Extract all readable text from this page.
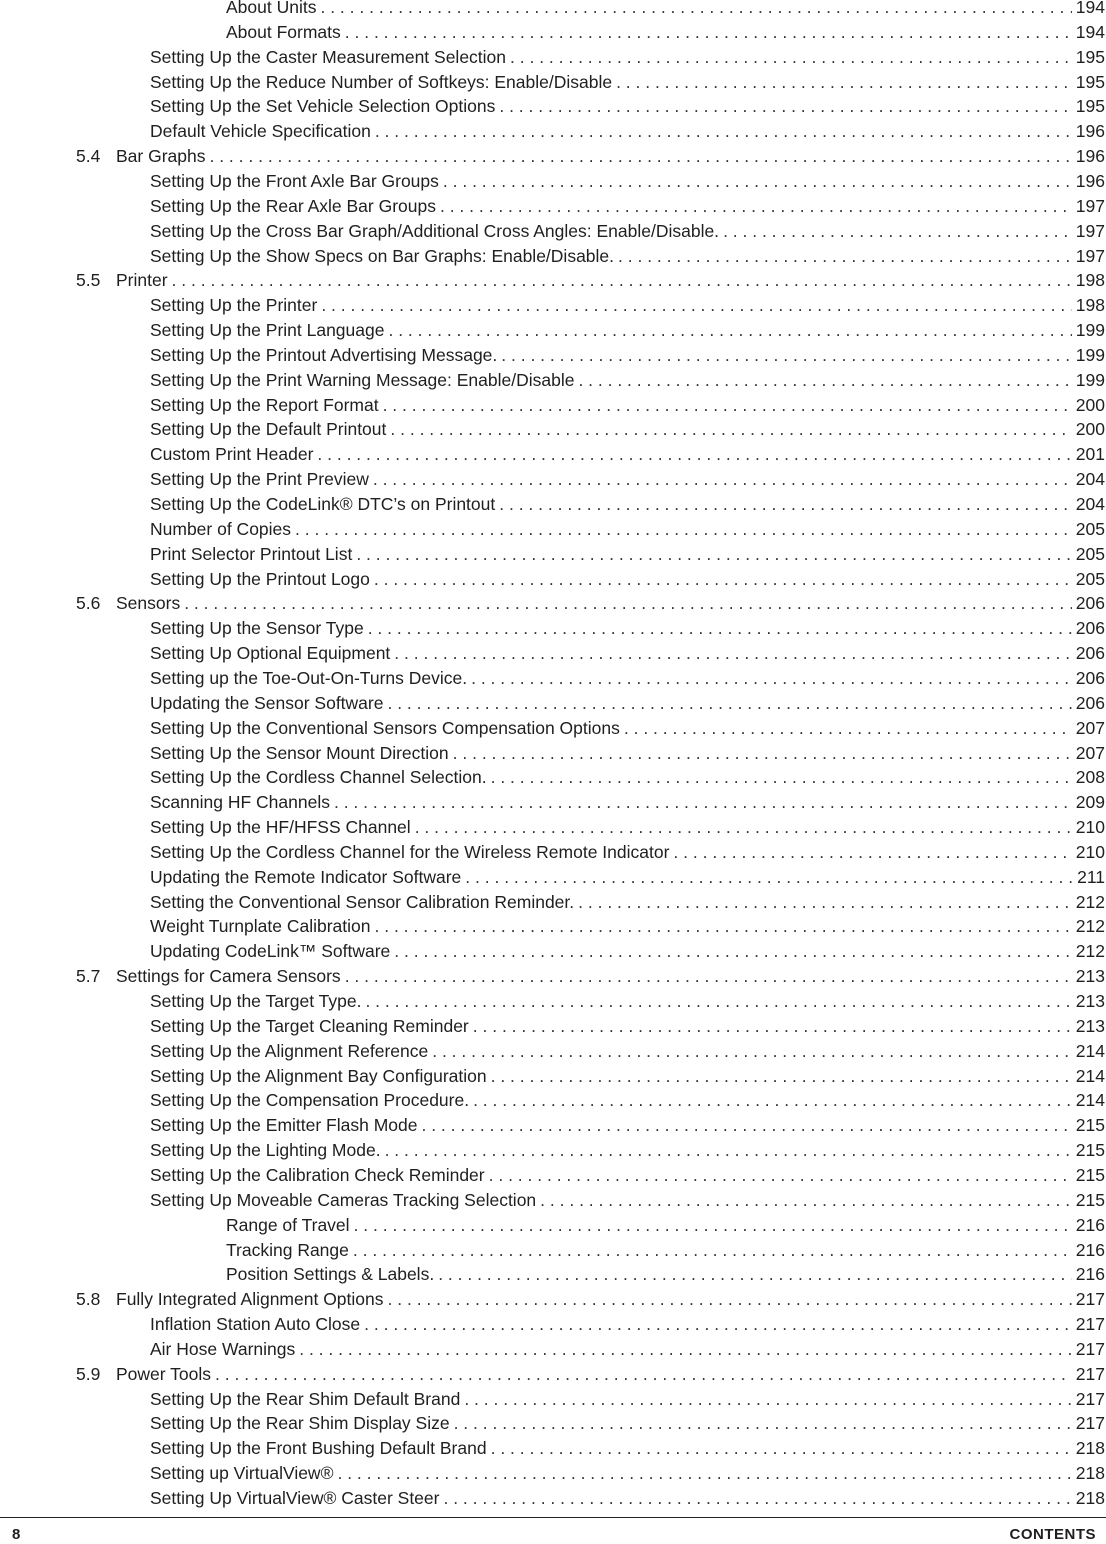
About Units . . .	194
About Formats . . .	194
Setting Up the Caster Measurement Selection . . .	195
Setting Up the Reduce Number of Softkeys: Enable/Disable . . .	195
Setting Up the Set Vehicle Selection Options . . .	195
Default Vehicle Specification . . .	196
5.4 Bar Graphs . . .	196
Setting Up the Front Axle Bar Groups . . .	196
Setting Up the Rear Axle Bar Groups . . .	197
Setting Up the Cross Bar Graph/Additional Cross Angles: Enable/Disable. . . .	197
Setting Up the Show Specs on Bar Graphs: Enable/Disable. . . .	197
5.5 Printer . . .	198
Setting Up the Printer . . .	198
Setting Up the Print Language . . .	199
Setting Up the Printout Advertising Message. . . .	199
Setting Up the Print Warning Message: Enable/Disable . . .	199
Setting Up the Report Format . . .	200
Setting Up the Default Printout . . .	200
Custom Print Header . . .	201
Setting Up the Print Preview . . .	204
Setting Up the CodeLink® DTC’s on Printout . . .	204
Number of Copies . . .	205
Print Selector Printout List . . .	205
Setting Up the Printout Logo . . .	205
5.6 Sensors . . .	206
Setting Up the Sensor Type . . .	206
Setting Up Optional Equipment . . .	206
Setting up the Toe-Out-On-Turns Device. . . .	206
Updating the Sensor Software . . .	206
Setting Up the Conventional Sensors Compensation Options . . .	207
Setting Up the Sensor Mount Direction . . .	207
Setting Up the Cordless Channel Selection. . . .	208
Scanning HF Channels . . .	209
Setting Up the HF/HFSS Channel . . .	210
Setting Up the Cordless Channel for the Wireless Remote Indicator . . .	210
Updating the Remote Indicator Software . . .	211
Setting the Conventional Sensor Calibration Reminder. . . .	212
Weight Turnplate Calibration . . .	212
Updating CodeLink™ Software . . .	212
5.7 Settings for Camera Sensors . . .	213
Setting Up the Target Type. . . .	213
Setting Up the Target Cleaning Reminder . . .	213
Setting Up the Alignment Reference . . .	214
Setting Up the Alignment Bay Configuration . . .	214
Setting Up the Compensation Procedure. . . .	214
Setting Up the Emitter Flash Mode . . .	215
Setting Up the Lighting Mode. . . .	215
Setting Up the Calibration Check Reminder . . .	215
Setting Up Moveable Cameras Tracking Selection . . .	215
Range of Travel . . .	216
Tracking Range . . .	216
Position Settings & Labels. . . .	216
5.8 Fully Integrated Alignment Options . . .	217
Inflation Station Auto Close . . .	217
Air Hose Warnings . . .	217
5.9 Power Tools . . .	217
Setting Up the Rear Shim Default Brand . . .	217
Setting Up the Rear Shim Display Size . . .	217
Setting Up the Front Bushing Default Brand . . .	218
Setting up VirtualView® . . .	218
Setting Up VirtualView® Caster Steer . . .	218
8	CONTENTS
